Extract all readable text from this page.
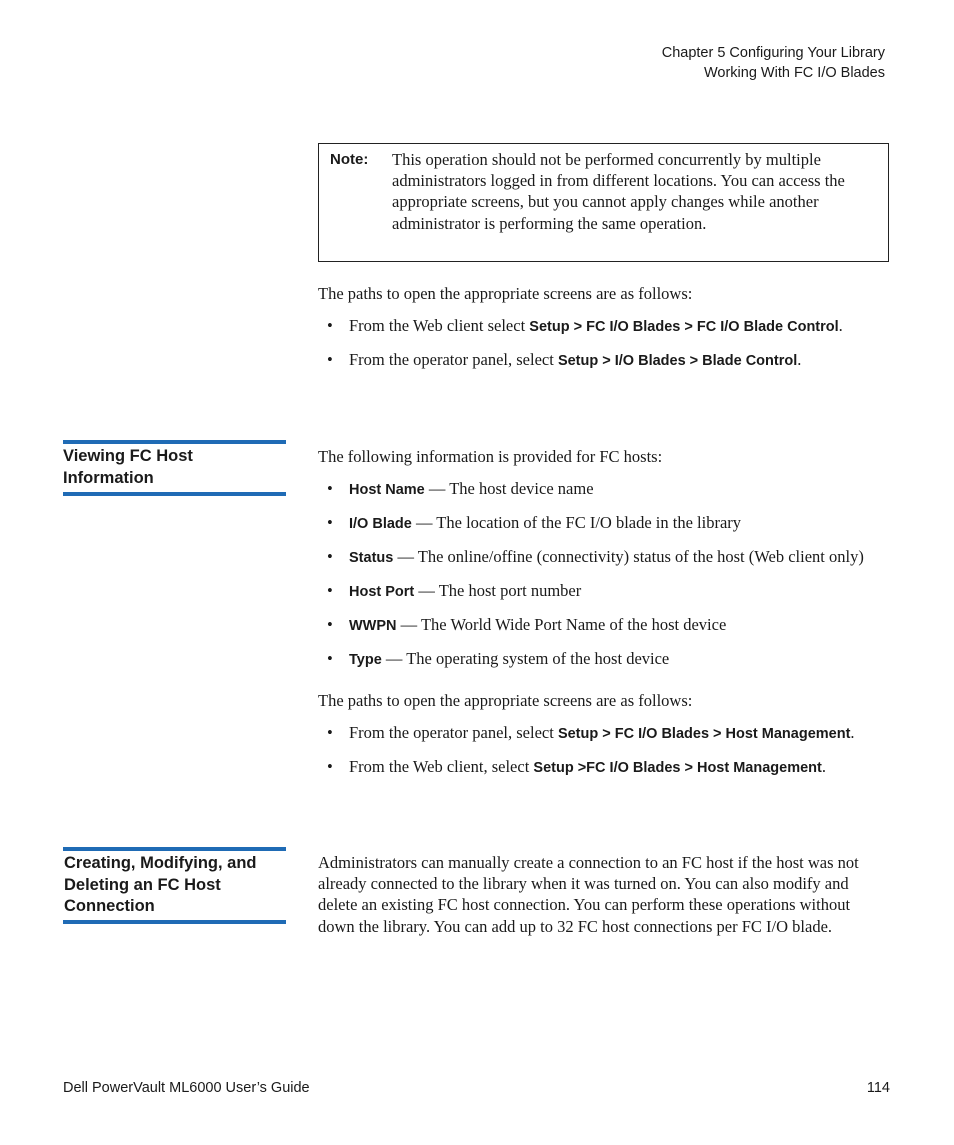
Chapter 5 Configuring Your Library
Working With FC I/O Blades
Note: This operation should not be performed concurrently by multiple administrators logged in from different locations. You can access the appropriate screens, but you cannot apply changes while another administrator is performing the same operation.
The paths to open the appropriate screens are as follows:
• From the Web client select Setup > FC I/O Blades > FC I/O Blade Control.
• From the operator panel, select Setup > I/O Blades > Blade Control.
Viewing FC Host Information
The following information is provided for FC hosts:
• Host Name — The host device name
• I/O Blade — The location of the FC I/O blade in the library
• Status — The online/offine (connectivity) status of the host (Web client only)
• Host Port — The host port number
• WWPN — The World Wide Port Name of the host device
• Type — The operating system of the host device
The paths to open the appropriate screens are as follows:
• From the operator panel, select Setup > FC I/O Blades > Host Management.
• From the Web client, select Setup >FC I/O Blades > Host Management.
Creating, Modifying, and Deleting an FC Host Connection
Administrators can manually create a connection to an FC host if the host was not already connected to the library when it was turned on. You can also modify and delete an existing FC host connection. You can perform these operations without down the library. You can add up to 32 FC host connections per FC I/O blade.
Dell PowerVault ML6000 User’s Guide	114
